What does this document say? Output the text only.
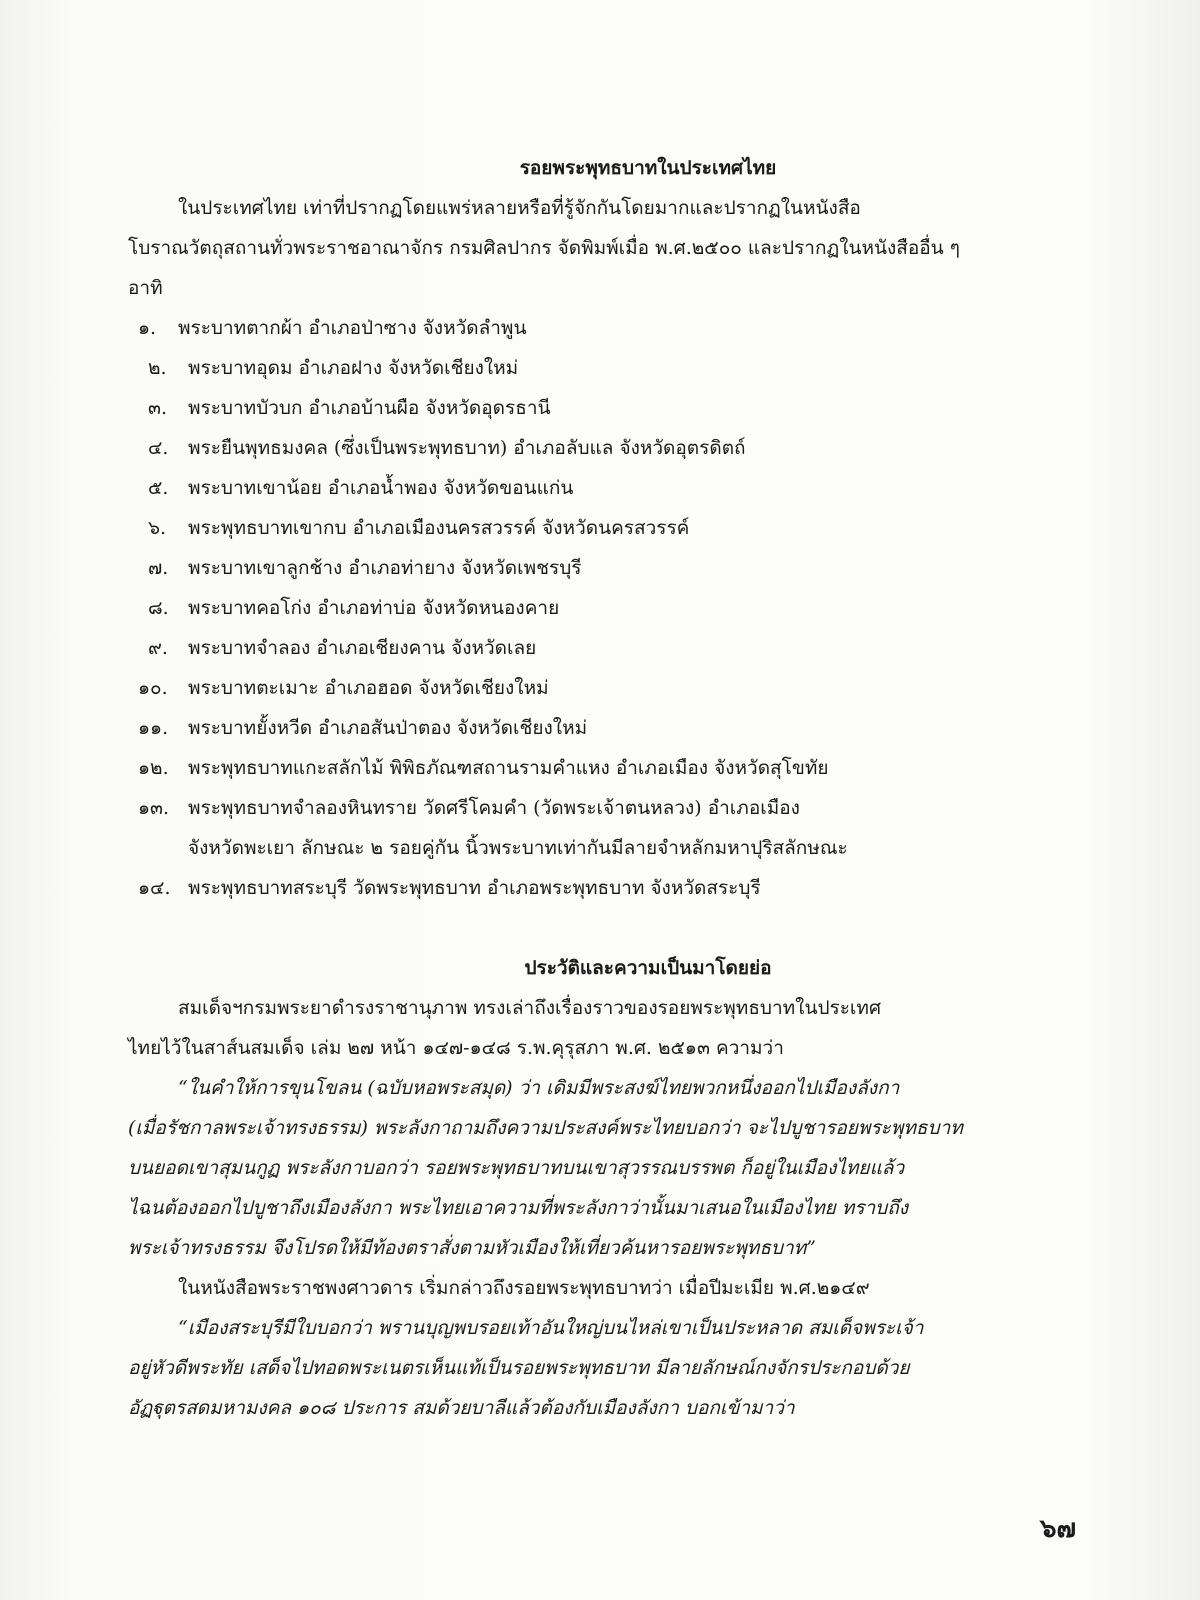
รอยพระพุทธบาทในประเทศไทย

ในประเทศไทย เท่าที่ปรากฏโดยแพร่หลายหรือที่รู้จักกันโดยมากและปรากฏในหนังสือ

โบราณวัตถุสถานทั่วพระราชอาณาจักร กรมศิลปากร จัดพิมพ์เมื่อ พ.ศ.๒๕๐๐ และปรากฏในหนังสืออื่น ๆ

อาทิ

๑.	พระบาทตากผ้า อำเภอป่าซาง จังหวัดลำพูน
๒.	พระบาทอุดม อำเภอฝาง จังหวัดเชียงใหม่
๓.	พระบาทบัวบก อำเภอบ้านผือ จังหวัดอุดรธานี
๔.	พระยืนพุทธมงคล (ซึ่งเป็นพระพุทธบาท) อำเภอลับแล จังหวัดอุตรดิตถ์
๕.	พระบาทเขาน้อย อำเภอน้ำพอง จังหวัดขอนแก่น
๖.	พระพุทธบาทเขากบ อำเภอเมืองนครสวรรค์ จังหวัดนครสวรรค์
๗.	พระบาทเขาลูกช้าง อำเภอท่ายาง จังหวัดเพชรบุรี
๘.	พระบาทคอโก่ง อำเภอท่าบ่อ จังหวัดหนองคาย
๙.	พระบาทจำลอง อำเภอเชียงคาน จังหวัดเลย
๑๐.	พระบาทตะเมาะ อำเภอฮอด จังหวัดเชียงใหม่
๑๑.	พระบาทยั้งหวีด อำเภอสันป่าตอง จังหวัดเชียงใหม่
๑๒.	พระพุทธบาทแกะสลักไม้ พิพิธภัณฑสถานรามคำแหง อำเภอเมือง จังหวัดสุโขทัย
๑๓. พระพุทธบาทจำลองหินทราย วัดศรีโคมคำ (วัดพระเจ้าตนหลวง) อำเภอเมือง
จังหวัดพะเยา ลักษณะ ๒ รอยคู่กัน นิ้วพระบาทเท่ากันมีลายจำหลักมหาปุริสลักษณะ
๑๔. พระพุทธบาทสระบุรี วัดพระพุทธบาท อำเภอพระพุทธบาท จังหวัดสระบุรี

ประวัติและความเป็นมาโดยย่อ

สมเด็จฯกรมพระยาดำรงราชานุภาพ ทรงเล่าถึงเรื่องราวของรอยพระพุทธบาทในประเทศ

ไทยไว้ในสาส์นสมเด็จ เล่ม ๒๗ หน้า ๑๔๗-๑๔๘ ร.พ.คุรุสภา พ.ศ. ๒๕๑๓ ความว่า

“ในคำให้การขุนโขลน (ฉบับหอพระสมุด) ว่า เดิมมีพระสงฆ์ไทยพวกหนึ่งออกไปเมืองลังกา

(เมื่อรัชกาลพระเจ้าทรงธรรม) พระลังกาถามถึงความประสงค์พระไทยบอกว่า จะไปบูชารอยพระพุทธบาท

บนยอดเขาสุมนกูฏ พระลังกาบอกว่า รอยพระพุทธบาทบนเขาสุวรรณบรรพต ก็อยู่ในเมืองไทยแล้ว

ไฉนต้องออกไปบูชาถึงเมืองลังกา พระไทยเอาความที่พระลังกาว่านั้นมาเสนอในเมืองไทย ทราบถึง

พระเจ้าทรงธรรม จึงโปรดให้มีท้องตราสั่งตามหัวเมืองให้เที่ยวค้นหารอยพระพุทธบาท”

ในหนังสือพระราชพงศาวดาร เริ่มกล่าวถึงรอยพระพุทธบาทว่า เมื่อปีมะเมีย พ.ศ.๒๑๔๙

“เมืองสระบุรีมีใบบอกว่า พรานบุญพบรอยเท้าอันใหญ่บนไหล่เขาเป็นประหลาด สมเด็จพระเจ้า

อยู่หัวดีพระทัย เสด็จไปทอดพระเนตรเห็นแท้เป็นรอยพระพุทธบาท มีลายลักษณ์กงจักรประกอบด้วย

อัฏฐุตรสดมหามงคล ๑๐๘ ประการ สมด้วยบาลีแล้วต้องกับเมืองลังกา บอกเข้ามาว่า

๖๗
